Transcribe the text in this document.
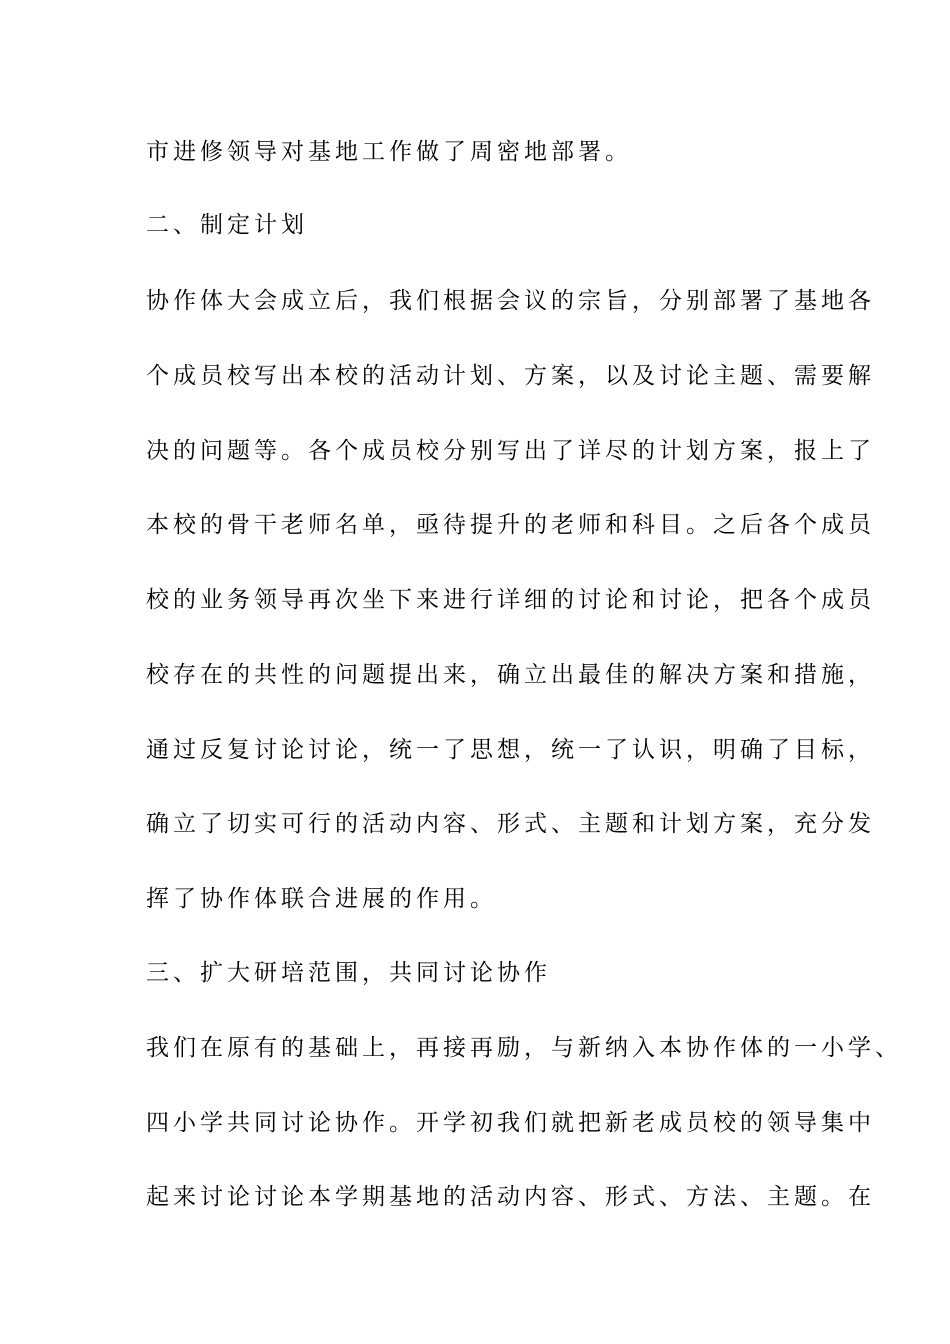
市进修领导对基地工作做了周密地部署。
二、制定计划
协作体大会成立后，我们根据会议的宗旨，分别部署了基地各
个成员校写出本校的活动计划、方案，以及讨论主题、需要解
决的问题等。各个成员校分别写出了详尽的计划方案，报上了
本校的骨干老师名单，亟待提升的老师和科目。之后各个成员
校的业务领导再次坐下来进行详细的讨论和讨论，把各个成员
校存在的共性的问题提出来，确立出最佳的解决方案和措施，
通过反复讨论讨论，统一了思想，统一了认识，明确了目标，
确立了切实可行的活动内容、形式、主题和计划方案，充分发
挥了协作体联合进展的作用。
三、扩大研培范围，共同讨论协作
我们在原有的基础上，再接再励，与新纳入本协作体的一小学、
四小学共同讨论协作。开学初我们就把新老成员校的领导集中
起来讨论讨论本学期基地的活动内容、形式、方法、主题。在
